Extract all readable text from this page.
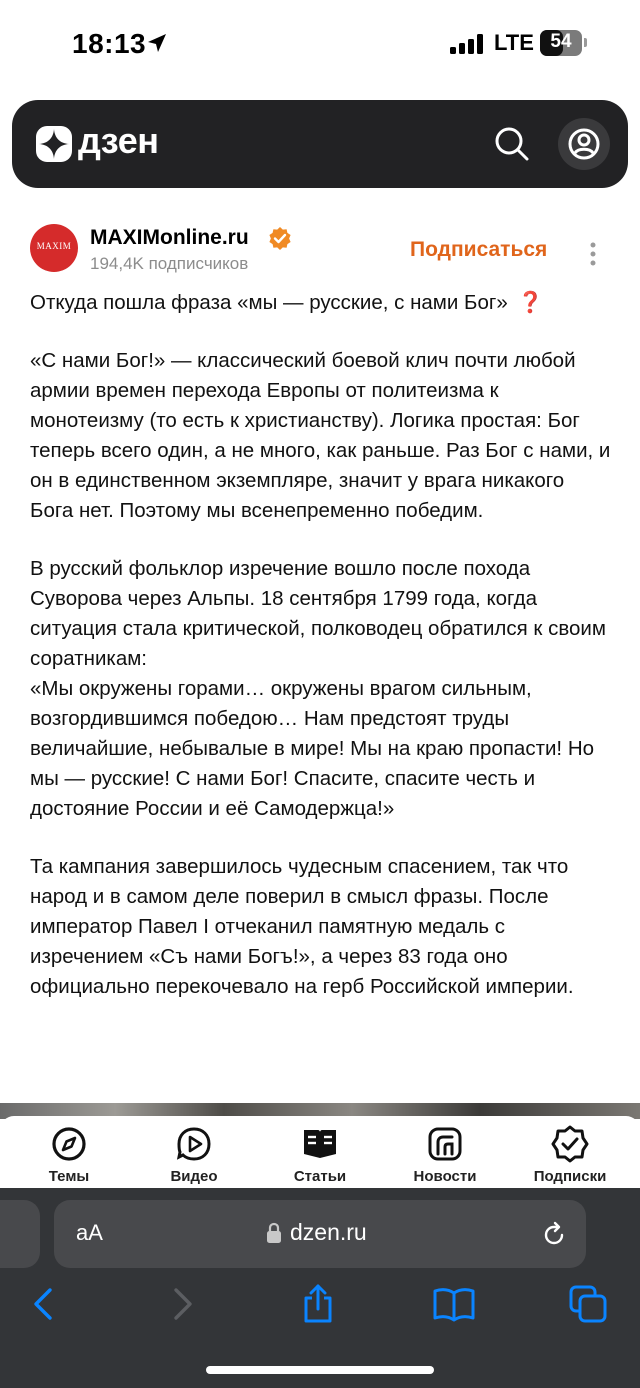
18:13	LTE 54
дзен
MAXIM MAXIMonline.ru
194,4K подписчиков
Подписаться

Откуда пошла фраза «мы — русские, с нами Бог» ❓

«С нами Бог!» — классический боевой клич почти любой армии времен перехода Европы от политеизма к монотеизму (то есть к христианству). Логика простая: Бог теперь всего один, а не много, как раньше. Раз Бог с нами, и он в единственном экземпляре, значит у врага никакого Бога нет. Поэтому мы всенепременно победим.

В русский фольклор изречение вошло после похода Суворова через Альпы. 18 сентября 1799 года, когда ситуация стала критической, полководец обратился к своим соратникам:

«Мы окружены горами… окружены врагом сильным, возгордившимся победою… Нам предстоят труды величайшие, небывалые в мире! Мы на краю пропасти! Но мы — русские! С нами Бог! Спасите, спасите честь и достояние России и её Самодержца!»

Та кампания завершилось чудесным спасением, так что народ и в самом деле поверил в смысл фразы. После император Павел I отчеканил памятную медаль с изречением «Съ нами Богъ!», а через 83 года оно официально перекочевало на герб Российской империи.

Темы	Видео	Статьи	Новости	Подписки
аА	dzen.ru
